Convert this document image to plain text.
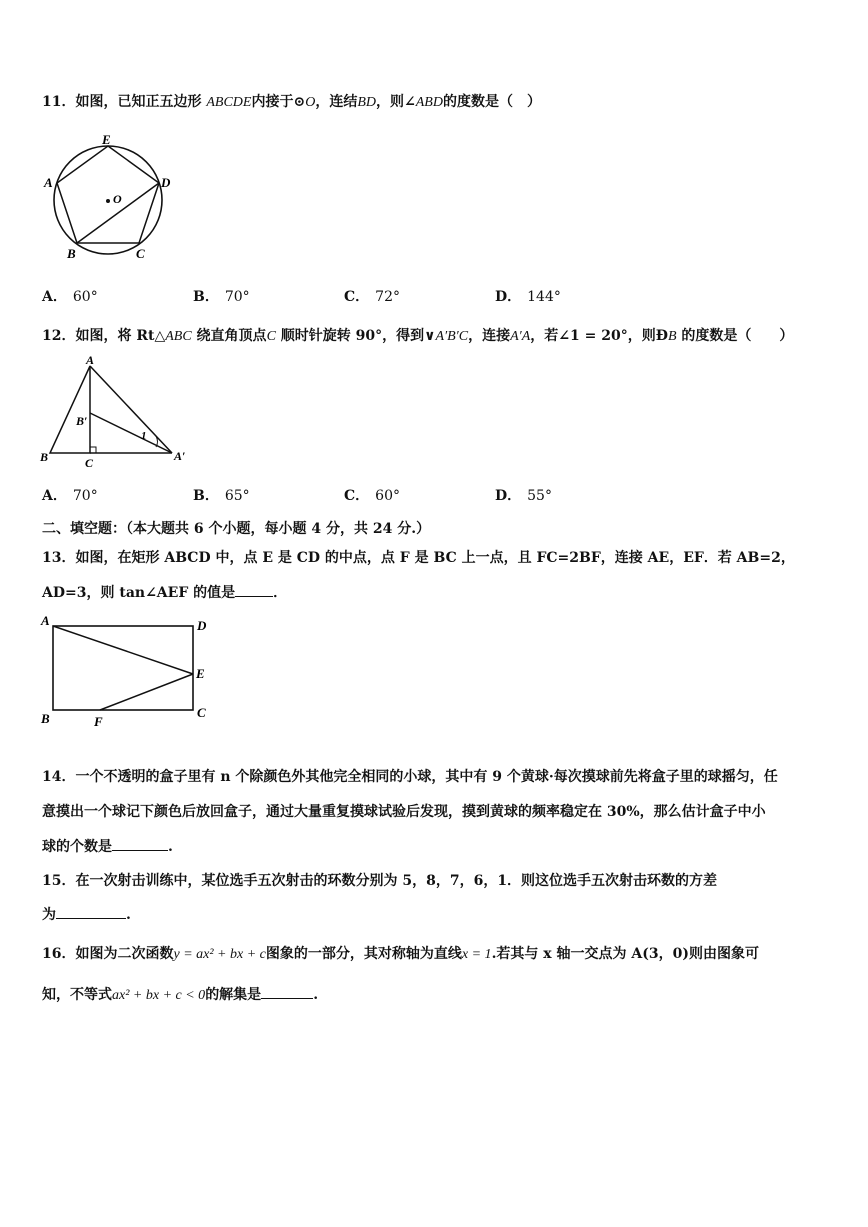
11．如图，已知正五边形 ABCDE内接于⊙O，连结BD，则∠ABD的度数是（　）
E
A	D
B	C
O
A． 60°	B． 70°	C． 72°	D． 144°
12．如图，将 Rt△ABC 绕直角顶点C 顺时针旋转 90°，得到∨A′B′C，连接A′A，若∠1 = 20°，则ÐB 的度数是（　　）
A
B	C
B′
A′
1
A． 70°	B． 65°	C． 60°	D． 55°
二、填空题：（本大题共 6 个小题，每小题 4 分，共 24 分.）
13．如图，在矩形 ABCD 中，点 E 是 CD 的中点，点 F 是 BC 上一点，且 FC=2BF，连接 AE，EF．若 AB=2，
AD=3，则 tan∠AEF 的值是	．
A	D
E
B	F
C
14．一个不透明的盒子里有 n 个除颜色外其他完全相同的小球，其中有 9 个黄球·每次摸球前先将盒子里的球摇匀，任
意摸出一个球记下颜色后放回盒子，通过大量重复摸球试验后发现，摸到黄球的频率稳定在 30%，那么估计盒子中小
球的个数是	.
15．在一次射击训练中，某位选手五次射击的环数分别为 5，8，7，6，1．则这位选手五次射击环数的方差
为	.
16．如图为二次函数y = ax² + bx + c图象的一部分，其对称轴为直线x = 1.若其与 x 轴一交点为 A(3，0)则由图象可
知，不等式ax² + bx + c < 0的解集是	.
